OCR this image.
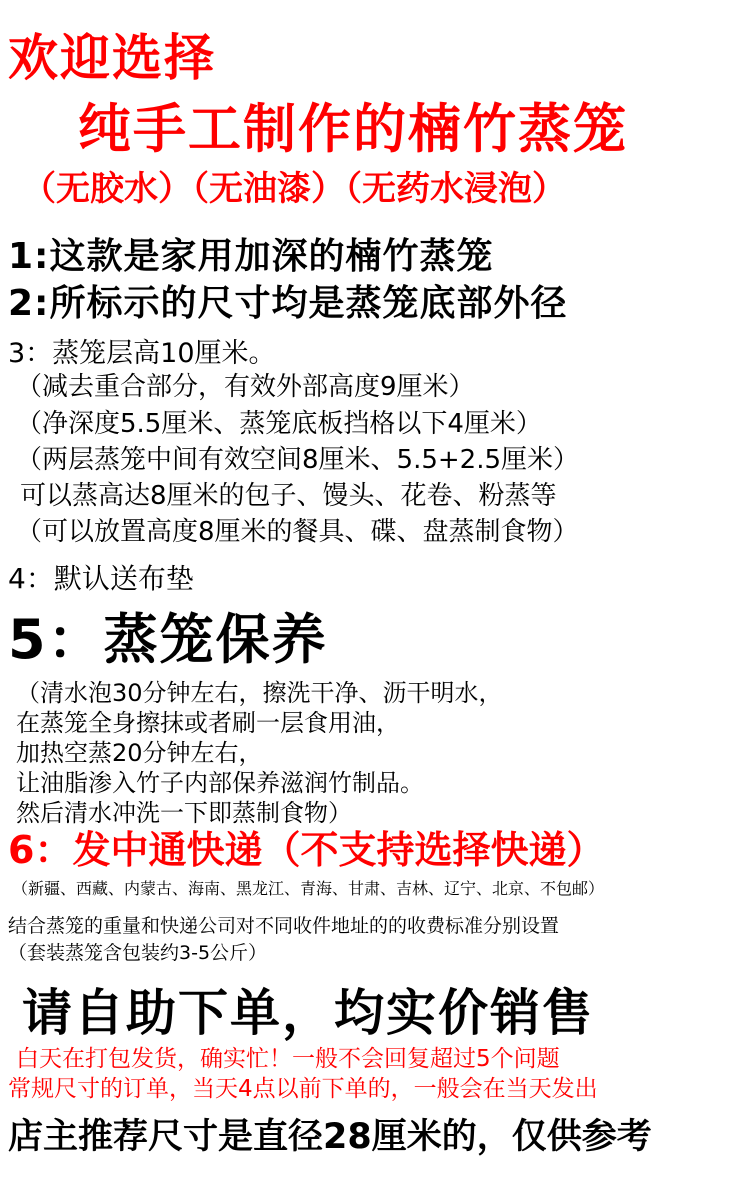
欢迎选择

纯手工制作的楠竹蒸笼

（无胶水）（无油漆）（无药水浸泡）

1:这款是家用加深的楠竹蒸笼

2:所标示的尺寸均是蒸笼底部外径

3：蒸笼层高10厘米。

（减去重合部分，有效外部高度9厘米）

（净深度5.5厘米、蒸笼底板挡格以下4厘米）

（两层蒸笼中间有效空间8厘米、5.5+2.5厘米）

可以蒸高达8厘米的包子、馒头、花卷、粉蒸等

（可以放置高度8厘米的餐具、碟、盘蒸制食物）

4：默认送布垫

5：蒸笼保养

（清水泡30分钟左右，擦洗干净、沥干明水，

在蒸笼全身擦抹或者刷一层食用油，

加热空蒸20分钟左右，

让油脂渗入竹子内部保养滋润竹制品。

然后清水冲洗一下即蒸制食物）

6：发中通快递（不支持选择快递）

（新疆、西藏、内蒙古、海南、黑龙江、青海、甘肃、吉林、辽宁、北京、不包邮）

结合蒸笼的重量和快递公司对不同收件地址的的收费标准分别设置

（套装蒸笼含包装约3-5公斤）

请自助下单，均实价销售

白天在打包发货，确实忙！一般不会回复超过5个问题

常规尺寸的订单，当天4点以前下单的，一般会在当天发出

店主推荐尺寸是直径28厘米的，仅供参考
